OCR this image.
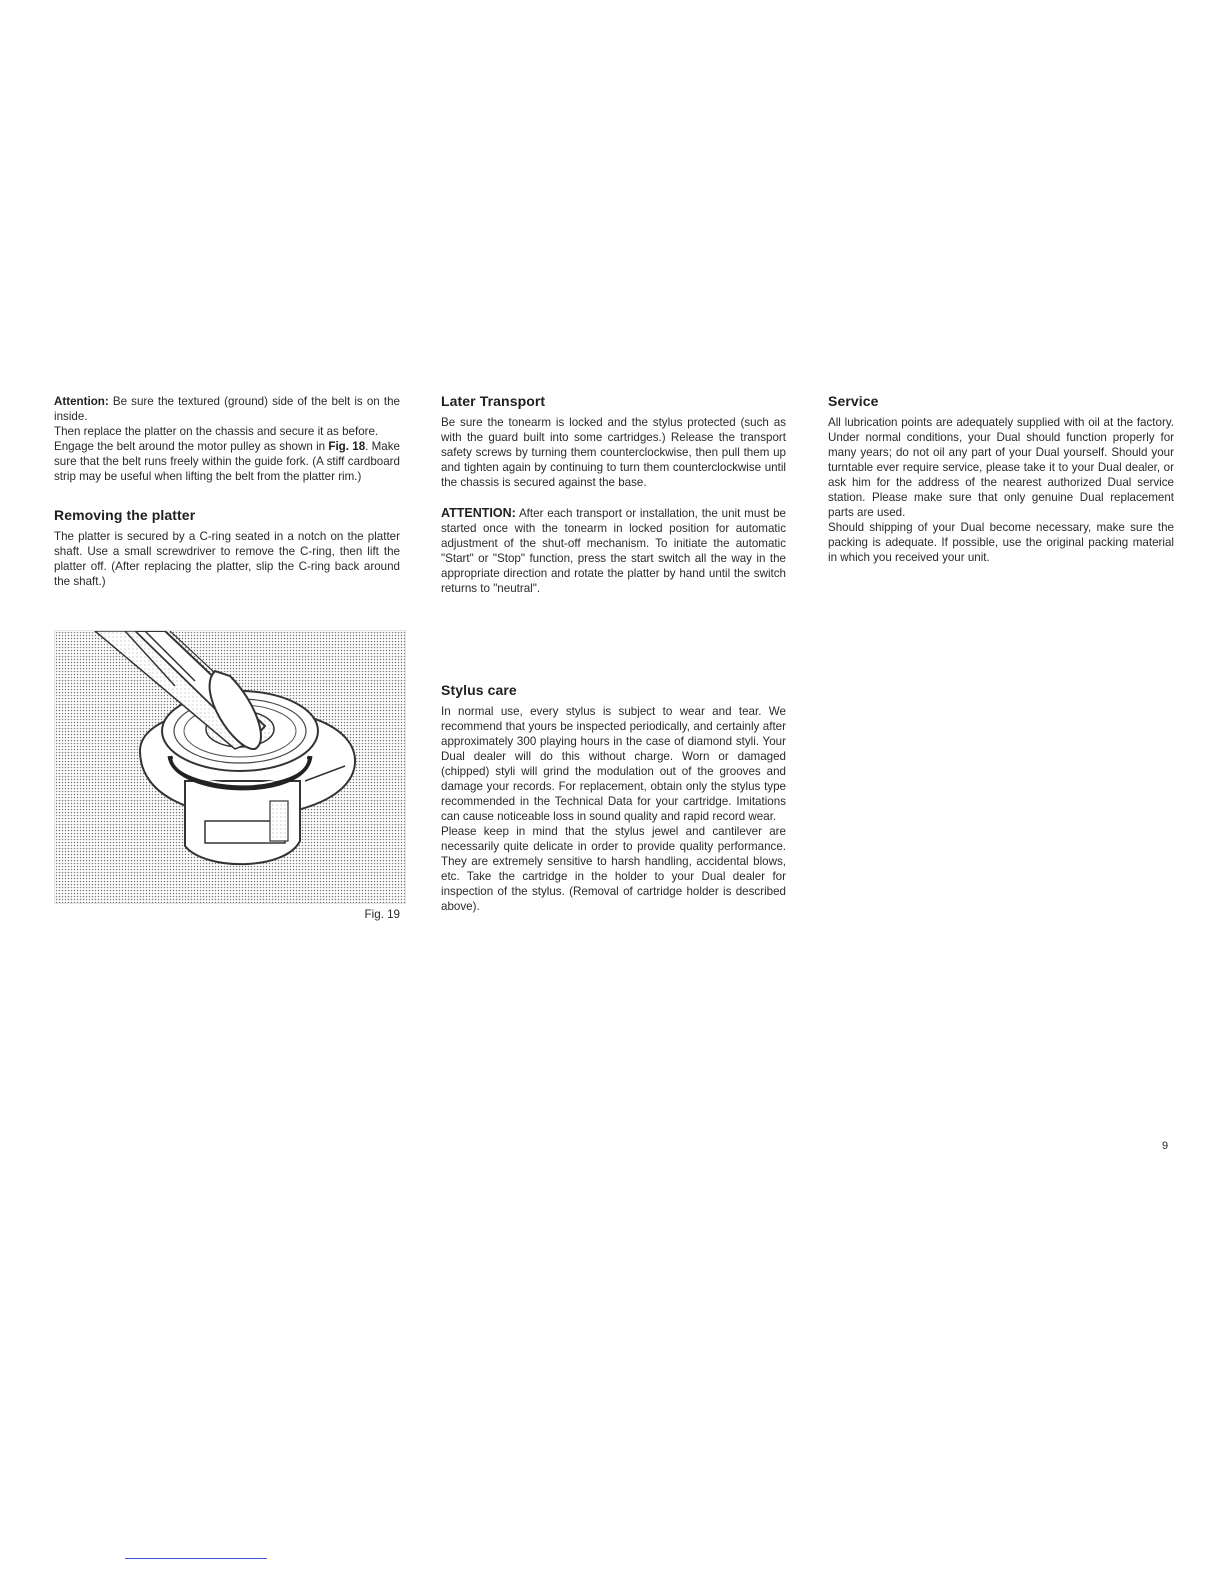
Attention: Be sure the textured (ground) side of the belt is on the inside.

Then replace the platter on the chassis and secure it as before.

Engage the belt around the motor pulley as shown in Fig. 18. Make sure that the belt runs freely within the guide fork. (A stiff cardboard strip may be useful when lifting the belt from the platter rim.)

Removing the platter

The platter is secured by a C-ring seated in a notch on the platter shaft. Use a small screwdriver to remove the C-ring, then lift the platter off. (After replacing the platter, slip the C-ring back around the shaft.)

Fig. 19
Later Transport

Be sure the tonearm is locked and the stylus protected (such as with the guard built into some cartridges.) Release the transport safety screws by turning them counterclockwise, then pull them up and tighten again by continuing to turn them counterclockwise until the chassis is secured against the base.

ATTENTION: After each transport or installation, the unit must be started once with the tonearm in locked position for automatic adjustment of the shut-off mechanism. To initiate the automatic "Start" or "Stop" function, press the start switch all the way in the appropriate direction and rotate the platter by hand until the switch returns to "neutral".

Stylus care

In normal use, every stylus is subject to wear and tear. We recommend that yours be inspected periodically, and certainly after approximately 300 playing hours in the case of diamond styli. Your Dual dealer will do this without charge. Worn or damaged (chipped) styli will grind the modulation out of the grooves and damage your records. For replacement, obtain only the stylus type recommended in the Technical Data for your cartridge. Imitations can cause noticeable loss in sound quality and rapid record wear.

Please keep in mind that the stylus jewel and cantilever are necessarily quite delicate in order to provide quality performance. They are extremely sensitive to harsh handling, accidental blows, etc. Take the cartridge in the holder to your Dual dealer for inspection of the stylus. (Removal of cartridge holder is described above).

Service

All lubrication points are adequately supplied with oil at the factory. Under normal conditions, your Dual should function properly for many years; do not oil any part of your Dual yourself. Should your turntable ever require service, please take it to your Dual dealer, or ask him for the address of the nearest authorized Dual service station. Please make sure that only genuine Dual replacement parts are used.

Should shipping of your Dual become necessary, make sure the packing is adequate. If possible, use the original packing material in which you received your unit.

9
